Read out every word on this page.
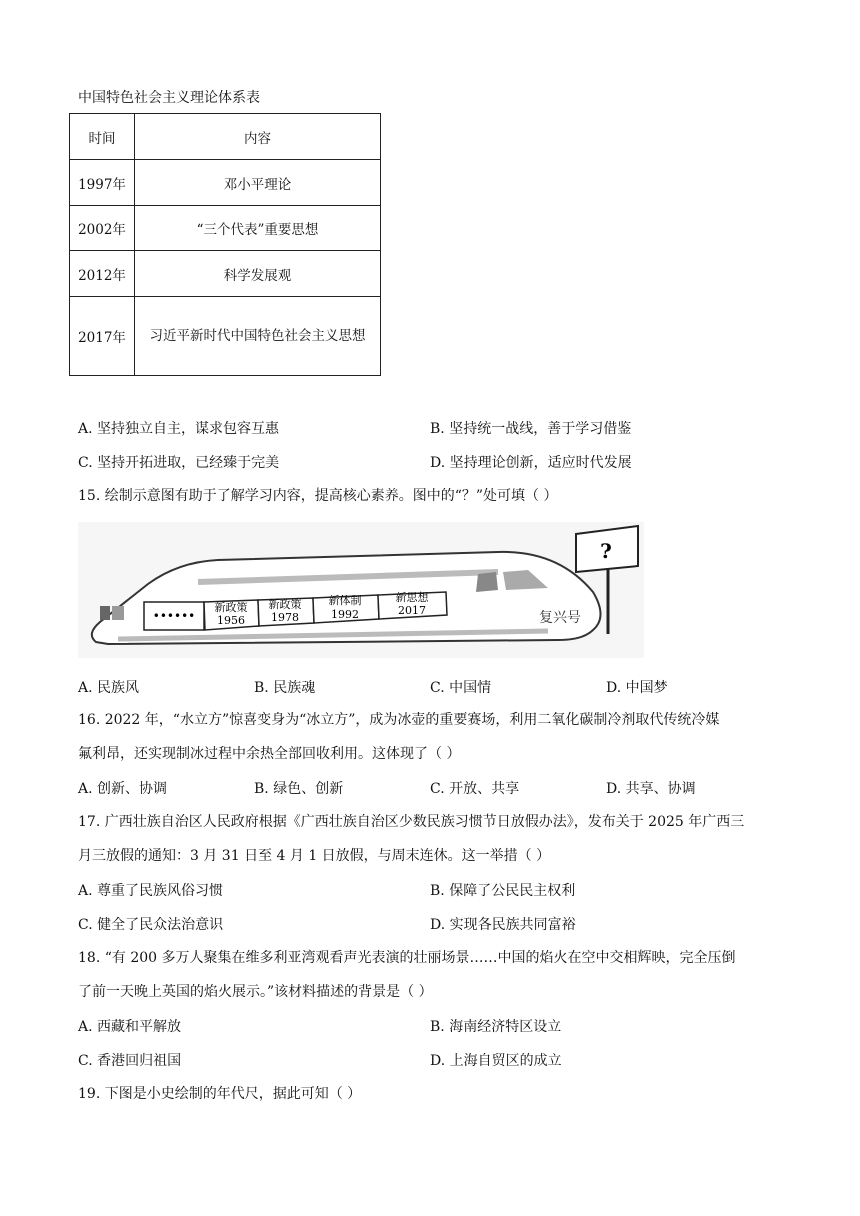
中国特色社会主义理论体系表
时间	内容
1997年	邓小平理论
2002年	“三个代表”重要思想
2012年	科学发展观
2017年	习近平新时代中国特色社会主义思想
A. 坚持独立自主，谋求包容互惠	B. 坚持统一战线，善于学习借鉴
C. 坚持开拓进取，已经臻于完美	D. 坚持理论创新，适应时代发展
15. 绘制示意图有助于了解学习内容，提高核心素养。图中的“？”处可填（ ）
••••••
新政策
1956
新政策
1978
新体制
1992
新思想
2017	复兴号
?
A. 民族风	B. 民族魂	C. 中国情	D. 中国梦
16. 2022 年，“水立方”惊喜变身为“冰立方”，成为冰壶的重要赛场，利用二氧化碳制冷剂取代传统冷媒
氟利昂，还实现制冰过程中余热全部回收利用。这体现了（ ）
A. 创新、协调	B. 绿色、创新	C. 开放、共享	D. 共享、协调
17. 广西壮族自治区人民政府根据《广西壮族自治区少数民族习惯节日放假办法》，发布关于 2025 年广西三
月三放假的通知：3 月 31 日至 4 月 1 日放假，与周末连休。这一举措（ ）
A. 尊重了民族风俗习惯	B. 保障了公民民主权利
C. 健全了民众法治意识	D. 实现各民族共同富裕
18. “有 200 多万人聚集在维多利亚湾观看声光表演的壮丽场景……中国的焰火在空中交相辉映，完全压倒
了前一天晚上英国的焰火展示。”该材料描述的背景是（ ）
A. 西藏和平解放	B. 海南经济特区设立
C. 香港回归祖国	D. 上海自贸区的成立
19. 下图是小史绘制的年代尺，据此可知（ ）
